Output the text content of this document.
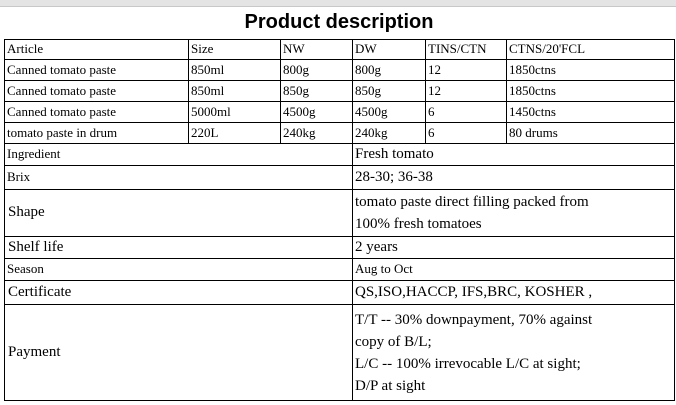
Product description
Article	Size	NW	DW	TINS/CTN	CTNS/20'FCL
Canned tomato paste	850ml	800g	800g	12	1850ctns
Canned tomato paste	850ml	850g	850g	12	1850ctns
Canned tomato paste	5000ml	4500g	4500g	6	1450ctns
tomato paste in drum	220L	240kg	240kg	6	80 drums
Ingredient			Fresh tomato		
Brix			28-30; 36-38		
Shape			tomato paste direct filling packed from
100% fresh tomatoes		

Shelf life			2 years		
Season			Aug to Oct		
Certificate			QS,ISO,HACCP, IFS,BRC, KOSHER ,		
Payment			T/T -- 30% downpayment, 70% against
copy of B/L;
L/C -- 100% irrevocable L/C at sight;
D/P at sight		
